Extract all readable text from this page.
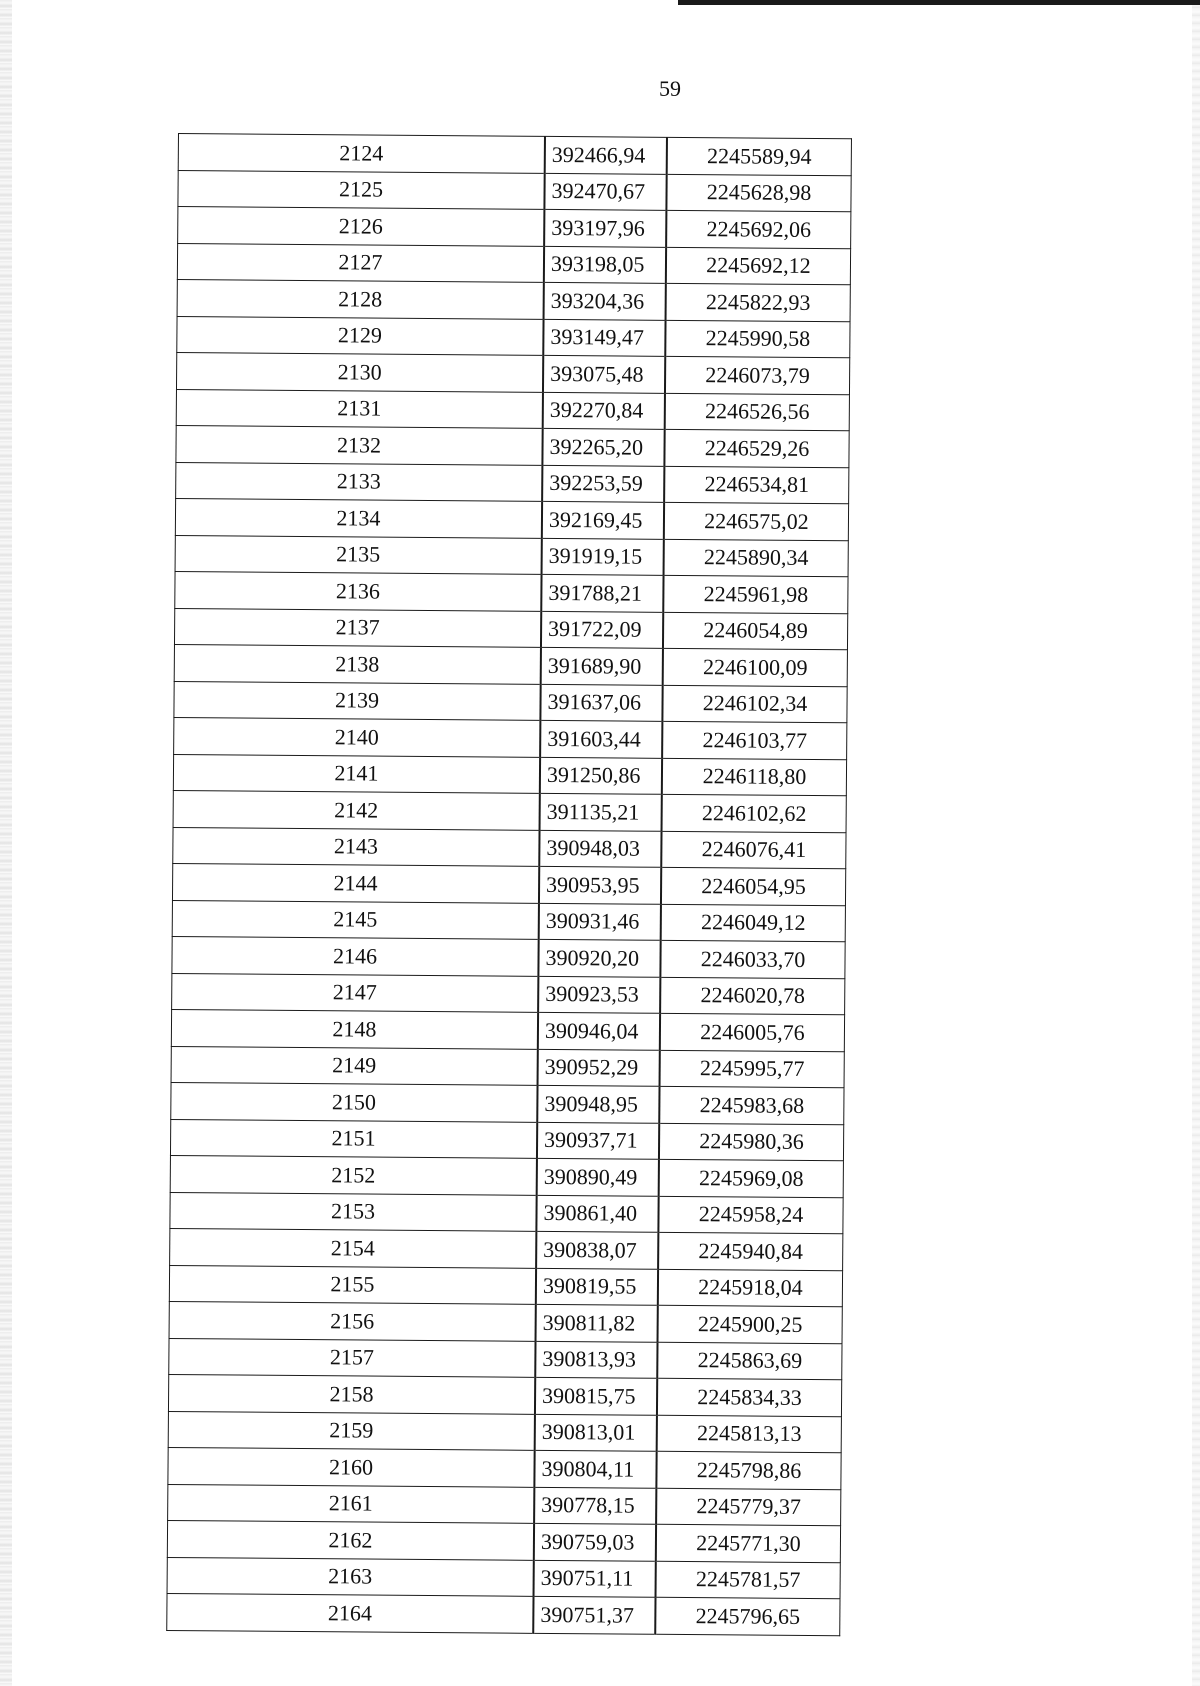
59
2124	392466,94	2245589,94
2125	392470,67	2245628,98
2126	393197,96	2245692,06
2127	393198,05	2245692,12
2128	393204,36	2245822,93
2129	393149,47	2245990,58
2130	393075,48	2246073,79
2131	392270,84	2246526,56
2132	392265,20	2246529,26
2133	392253,59	2246534,81
2134	392169,45	2246575,02
2135	391919,15	2245890,34
2136	391788,21	2245961,98
2137	391722,09	2246054,89
2138	391689,90	2246100,09
2139	391637,06	2246102,34
2140	391603,44	2246103,77
2141	391250,86	2246118,80
2142	391135,21	2246102,62
2143	390948,03	2246076,41
2144	390953,95	2246054,95
2145	390931,46	2246049,12
2146	390920,20	2246033,70
2147	390923,53	2246020,78
2148	390946,04	2246005,76
2149	390952,29	2245995,77
2150	390948,95	2245983,68
2151	390937,71	2245980,36
2152	390890,49	2245969,08
2153	390861,40	2245958,24
2154	390838,07	2245940,84
2155	390819,55	2245918,04
2156	390811,82	2245900,25
2157	390813,93	2245863,69
2158	390815,75	2245834,33
2159	390813,01	2245813,13
2160	390804,11	2245798,86
2161	390778,15	2245779,37
2162	390759,03	2245771,30
2163	390751,11	2245781,57
2164	390751,37	2245796,65
